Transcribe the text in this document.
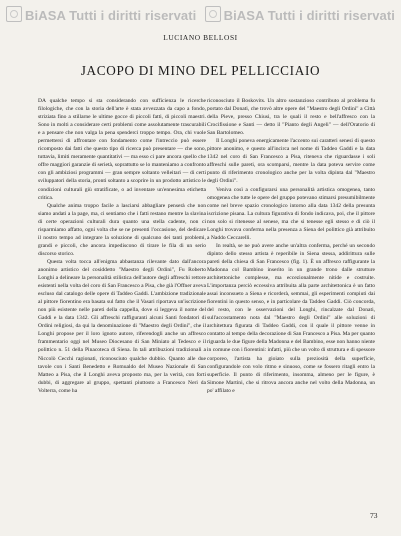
BiASA Tutti i diritti riservati	BiASA Tutti i diritti riservati
LUCIANO BELLOSI
JACOPO DI MINO DEL PELLICCIAIO

DA qualche tempo si sta considerando con sufficienza le ricerche filologiche, che con la storia dell'arte è stata avvezzata da capo a fondo, striziata fino a stillarne le ultime gocce di piccoli fatti, di piccoli maestri. Sono in molti a considerare certi problemi come assolutamente trascurabili e a pensare che non valga la pena spenderci troppo tempo. Ora, chi vuole permettersi di affrontare con fondamento come l'intreccio può essere ricomposto dai fatti che questo tipo di ricerca può presentare — che sono, tuttavia, limiti meramente quantitativi — ma esso ci pare ancora quello che offre maggiori garanzie di serietà, soprattutto se lo manteniamo a confronto con gli ambiziosi programmi — gran sempre soltanto velleitari — di certi sviluppatori della storia, pronti soltanto a scoprire in un prodotto artistico le condizioni culturali giù stratificate, o ad inventare un'ennesima etichetta critica.

Qualche anima troppo facile a lasciarsi abbagliare penserà che non siamo andati a la page, ma, ci sentiamo che i fatti restano mentre la slavina di certe operazioni culturali dura quanto una stella cadente, non ci risparmiamo affatto, ogni volta che se ne presenti l'occasione, del dedicare il nostro tempo ad integrare la soluzione di qualcuno dei tanti problemi, grandi e piccoli, che ancora impediscono di tirare le fila di un serio discorso storico.

Questa volta tocca all'enigma abbastanza rilevante dato dall'ancora anonimo artistico del cosiddetto "Maestro degli Ordini", Fu Roberto Longhi a delineare la personalità stilistica dell'autore degli affreschi rettore esistenti nella volta del coro di San Francesco a Pisa, che già l'Offner aveva escluso dal catalogo delle opere di Taddeo Gaddi. L'ambizione tradizionale al pittore fiorentino era basata sul fatto che il Vasari riportava un'iscrizione non più esistente nelle pareti della cappella, dove si leggeva il nome del Gaddi e la data 1342. Gli affreschi raffiguranti alcuni Santi fondatori di Ordini religiosi, da qui la denominazione di "Maestro degli Ordini", che il Longhi propose per il loro ignoto autore, riferendogli anche un affresco frammentario oggi nel Museo Diocesano di San Miniato al Tedesco e il polittico n. 51 della Pinacoteca di Siena. In tali attribuzioni tradizionali a Niccolò Cecchi ragionati, riconosciuto qualche dubbio. Quanto alle due tavole con i Santi Benedetto e Romualdo del Museo Nazionale di San Matteo a Pisa, che il Longhi aveva proposto ma, per la verità, con forti dubbi, di aggregare al gruppo, spettanti piuttosto a Francesco Neri da Volterra, come ha

riconosciuto il Boskovits. Un altro sostanzioso contributo al problema fu portato dal Donati, che trovò altre opere del "Maestro degli Ordini" a Città della Pieve, presso Chiusi, tra le quali il resto e bell'affresco con la Crocifissione e Santi — detto il "Pianto degli Angeli" — dell'Oratorio di San Bartolomeo.

Il Longhi poneva energicamente l'accento sui caratteri senesi di questo pittore anonimo, e questo all'incirca nel nome di Taddeo Gaddi e la data 1342 nel coro di San Francesco a Pisa, riteneva che riguardasse i soli affreschi sulle pareti, ora scomparsi, mentre la data poteva servire come punto di riferimento cronologico anche per la volta dipinta dal "Maestro degli Ordini".

Veniva così a configurarsi una personalità artistica omogenea, tanto omogenea che tutte le opere del gruppo potevano stimarsi presumibilmente come nel breve spazio cronologico intorno alla data 1342 della presunta iscrizione pisana. La cultura figurativa di fondo indicava, poi, che il pittore non solo si ritenesse al senese, ma che si tenesse egli stesso e di ciò il Longhi trovava conferma nella presenza a Siena del polittico già attribuito a Naddo Ceccarelli.

In realtà, se ne può avere anche un'altra conferma, perché un secondo dipinto dello stesso artista è reperibile in Siena stessa, addirittura sulle pareti della chiesa di San Francesco (fig. 1). È un affresco raffigurante la Madonna col Bambino inserito in un grande trono dalle strutture architettoniche complesse, ma eccezionalmente nitide e costruite. L'importanza perciò eccessiva attribuita alla parte architettonica è un fatto assai inconsueto a Siena e ricorderà, semmai, gli esperimenti compiuti dai fiorentini in questo senso, e in particolare da Taddeo Gaddi. Ciò concorda, del resto, con le osservazioni del Longhi, rincalzate dal Donati, sull'accostamento nota dal "Maestro degli Ordini" alle soluzioni di architettura figurata di Taddeo Gaddi, con il quale il pittore venne in contatto al tempo della decorazione di San Francesco a Pisa. Ma per quanto riguarda le due figure della Madonna e del Bambino, esse non hanno niente in comune con i fiorentini: infatti, più che un volto di struttura e di spessore corporeo, l'artista ha gioiato sulla preziosità della superficie, configurandole con volo ritmo e sinuoso, come se fossero ritagli entro la superficie. Il punto di riferimento, insomma, almeno per le figure, è Simone Martini, che si ritrova ancora anche nel volto della Madonna, un po' affilato e

73
